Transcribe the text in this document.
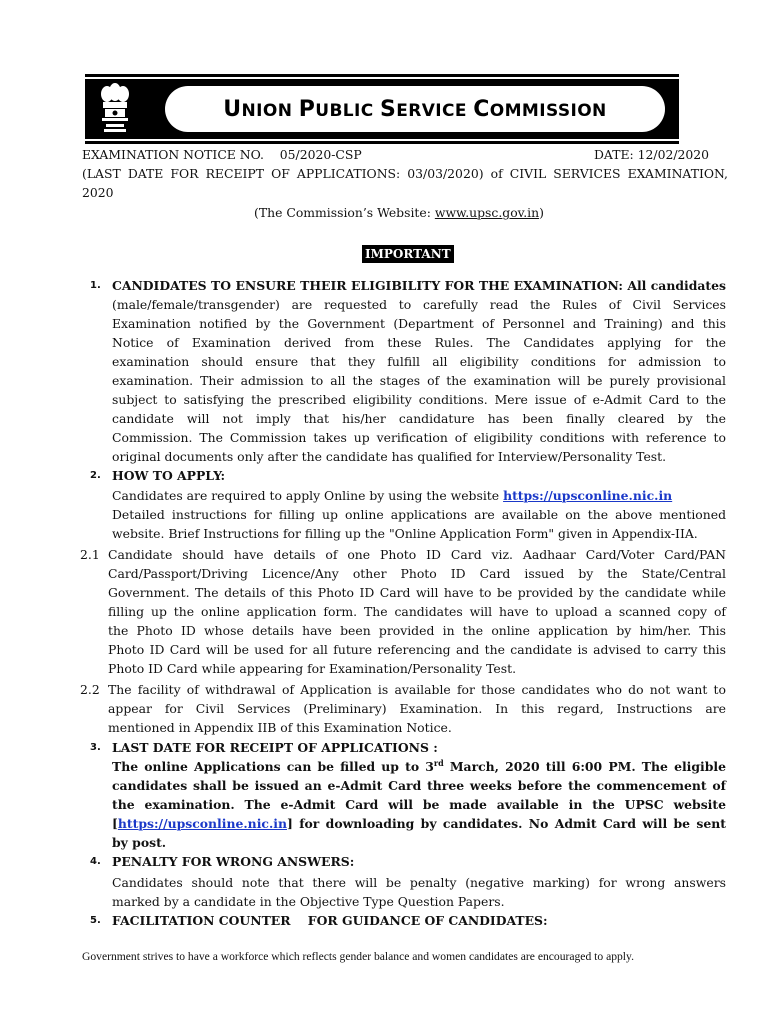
UNION PUBLIC SERVICE COMMISSION
EXAMINATION NOTICE NO. 05/2020-CSP	DATE: 12/02/2020
(LAST DATE FOR RECEIPT OF APPLICATIONS: 03/03/2020) of CIVIL SERVICES EXAMINATION,
2020
(The Commission’s Website: www.upsc.gov.in)
IMPORTANT
1. CANDIDATES TO ENSURE THEIR ELIGIBILITY FOR THE EXAMINATION: All candidates
(male/female/transgender) are requested to carefully read the Rules of Civil Services
Examination notified by the Government (Department of Personnel and Training) and this
Notice of Examination derived from these Rules. The Candidates applying for the
examination should ensure that they fulfill all eligibility conditions for admission to
examination. Their admission to all the stages of the examination will be purely provisional
subject to satisfying the prescribed eligibility conditions. Mere issue of e-Admit Card to the
candidate will not imply that his/her candidature has been finally cleared by the
Commission. The Commission takes up verification of eligibility conditions with reference to
original documents only after the candidate has qualified for Interview/Personality Test.
2. HOW TO APPLY:
Candidates are required to apply Online by using the website https://upsconline.nic.in
Detailed instructions for filling up online applications are available on the above mentioned
website. Brief Instructions for filling up the "Online Application Form" given in Appendix-IIA.
2.1 Candidate should have details of one Photo ID Card viz. Aadhaar Card/Voter Card/PAN
Card/Passport/Driving Licence/Any other Photo ID Card issued by the State/Central
Government. The details of this Photo ID Card will have to be provided by the candidate while
filling up the online application form. The candidates will have to upload a scanned copy of
the Photo ID whose details have been provided in the online application by him/her. This
Photo ID Card will be used for all future referencing and the candidate is advised to carry this
Photo ID Card while appearing for Examination/Personality Test.
2.2 The facility of withdrawal of Application is available for those candidates who do not want to
appear for Civil Services (Preliminary) Examination. In this regard, Instructions are
mentioned in Appendix IIB of this Examination Notice.
3. LAST DATE FOR RECEIPT OF APPLICATIONS :
The online Applications can be filled up to 3rd March, 2020 till 6:00 PM. The eligible
candidates shall be issued an e-Admit Card three weeks before the commencement of
the examination. The e-Admit Card will be made available in the UPSC website
[https://upsconline.nic.in] for downloading by candidates. No Admit Card will be sent
by post.
4. PENALTY FOR WRONG ANSWERS:
Candidates should note that there will be penalty (negative marking) for wrong answers
marked by a candidate in the Objective Type Question Papers.
5. FACILITATION COUNTER    FOR GUIDANCE OF CANDIDATES:
Government strives to have a workforce which reflects gender balance and women candidates are encouraged to apply.
